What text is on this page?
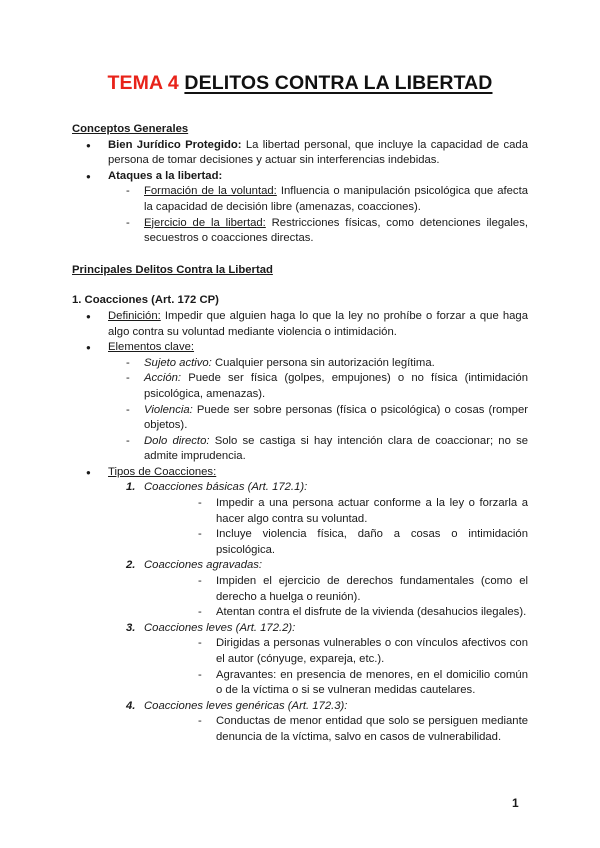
TEMA 4 DELITOS CONTRA LA LIBERTAD

Conceptos Generales

● Bien Jurídico Protegido: La libertad personal, que incluye la capacidad de cada persona de tomar decisiones y actuar sin interferencias indebidas.
● Ataques a la libertad:
- Formación de la voluntad: Influencia o manipulación psicológica que afecta la capacidad de decisión libre (amenazas, coacciones).
- Ejercicio de la libertad: Restricciones físicas, como detenciones ilegales, secuestros o coacciones directas.

Principales Delitos Contra la Libertad

1. Coacciones (Art. 172 CP)

● Definición: Impedir que alguien haga lo que la ley no prohíbe o forzar a que haga algo contra su voluntad mediante violencia o intimidación.
● Elementos clave:
- Sujeto activo: Cualquier persona sin autorización legítima.
- Acción: Puede ser física (golpes, empujones) o no física (intimidación psicológica, amenazas).
- Violencia: Puede ser sobre personas (física o psicológica) o cosas (romper objetos).
- Dolo directo: Solo se castiga si hay intención clara de coaccionar; no se admite imprudencia.
● Tipos de Coacciones:
1. Coacciones básicas (Art. 172.1):
- Impedir a una persona actuar conforme a la ley o forzarla a hacer algo contra su voluntad.
- Incluye violencia física, daño a cosas o intimidación psicológica.
2. Coacciones agravadas:
- Impiden el ejercicio de derechos fundamentales (como el derecho a huelga o reunión).
- Atentan contra el disfrute de la vivienda (desahucios ilegales).
3. Coacciones leves (Art. 172.2):
- Dirigidas a personas vulnerables o con vínculos afectivos con el autor (cónyuge, expareja, etc.).
- Agravantes: en presencia de menores, en el domicilio común o de la víctima o si se vulneran medidas cautelares.
4. Coacciones leves genéricas (Art. 172.3):
- Conductas de menor entidad que solo se persiguen mediante denuncia de la víctima, salvo en casos de vulnerabilidad.
1
